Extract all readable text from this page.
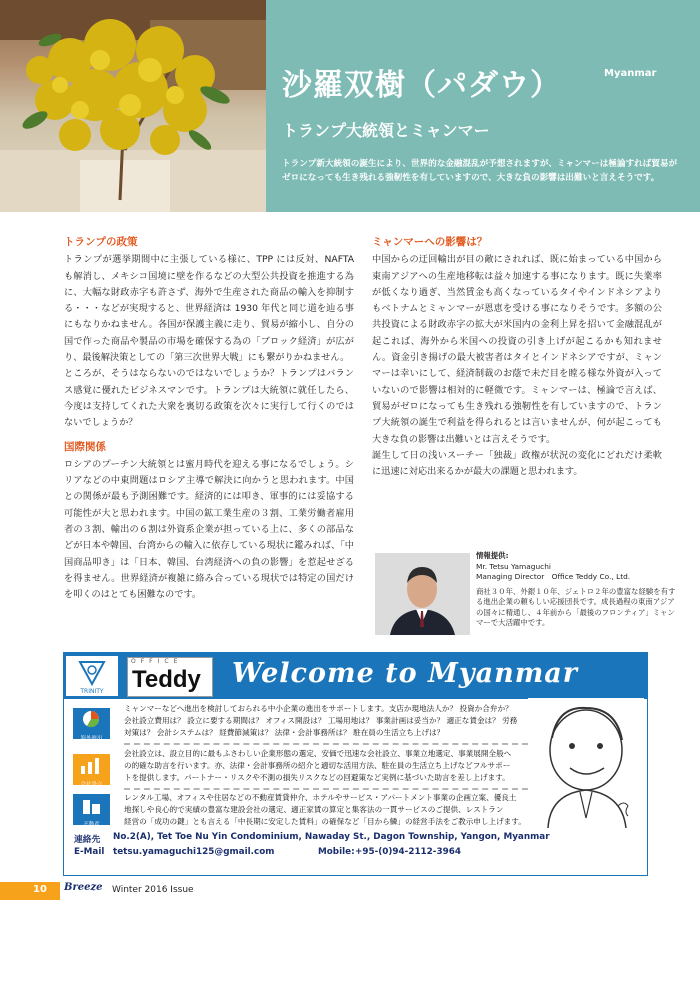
沙羅双樹（パダウ）	Myanmar
トランプ大統領とミャンマー
トランプ新大統領の誕生により、世界的な金融混乱が予想されますが、ミャンマーは極論すれば貿易がゼロになっても生き残れる強靭性を有していますので、大きな負の影響は出難いと言えそうです。
トランプの政策

トランプが選挙期間中に主張している様に、TPP には反対、NAFTA も解消し、メキシコ国境に壁を作るなどの大型公共投資を推進する為に、大幅な財政赤字も許さず、海外で生産された商品の輸入を抑制する・・・などが実現すると、世界経済は 1930 年代と同じ道を辿る事にもなりかねません。各国が保護主義に走り、貿易が縮小し、自分の国で作った商品や製品の市場を確保する為の「ブロック経済」が広がり、最後解決策としての「第三次世界大戦」にも繋がりかねません。

ところが、そうはならないのではないでしょうか？トランプはバランス感覚に優れたビジネスマンです。トランプは大統領に就任したら、今度は支持してくれた大衆を裏切る政策を次々に実行して行くのではないでしょうか？

国際関係

ロシアのプーチン大統領とは蜜月時代を迎える事になるでしょう。シリアなどの中東問題はロシア主導で解決に向かうと思われます。中国との関係が最も予測困難です。経済的には叩き、軍事的には妥協する可能性が大と思われます。中国の鉱工業生産の３割、工業労働者雇用者の３割、輸出の６割は外資系企業が担っている上に、多くの部品などが日本や韓国、台湾からの輸入に依存している現状に鑑みれば、「中国商品叩き」は「日本、韓国、台湾経済への負の影響」を惹起せざるを得ません。世界経済が複雑に絡み合っている現状では特定の国だけを叩くのはとても困難なのです。

ミャンマーへの影響は？

中国からの迂回輸出が目の敵にされれば、既に始まっている中国から東南アジアへの生産地移転は益々加速する事になります。既に失業率が低くなり過ぎ、当然賃金も高くなっているタイやインドネシアよりもベトナムとミャンマーが恩恵を受ける事になりそうです。多額の公共投資による財政赤字の拡大が米国内の金利上昇を招いて金融混乱が起これば、海外から米国への投資の引き上げが起こるかも知れません。資金引き揚げの最大被害者はタイとインドネシアですが、ミャンマーは幸いにして、経済制裁のお蔭で未だ目を瞠る様な外資が入っていないので影響は相対的に軽微です。ミャンマーは、極論で言えば、貿易がゼロになっても生き残れる強靭性を有していますので、トランプ大統領の誕生で利益を得られるとは言いませんが、何が起こっても大きな負の影響は出難いとは言えそうです。

誕生して日の浅いスーチー「独裁」政権が状況の変化にどれだけ柔軟に迅速に対応出来るかが最大の課題と思われます。

情報提供:
Mr. Tetsu Yamaguchi
Managing Director　Office Teddy Co., Ltd.
商社３０年、外銀１０年、ジェトロ２年の豊富な経験を有する進出企業の頼もしい応援団長です。成長過程の東南アジアの国々に精通し、４年前から「最後のフロンティア」ミャンマーで大活躍中です。
TRINITY
OFFICE
Teddy Welcome to Myanmar
海外進出
会社設立
不動産
ミャンマーなどへ進出を検討しておられる中小企業の進出をサポートします。支店か現地法人か？ 投資か合弁か？
会社設立費用は？ 設立に要する期間は？ オフィス開設は？ 工場用地は？ 事業計画は妥当か？ 適正な賃金は？ 労務
対策は？ 会計システムは？ 経費節減策は？ 法律・会計事務所は？ 駐在員の生活立ち上げは？
会社設立は、設立目的に最もふさわしい企業形態の選定、安価で迅速な会社設立、事業立地選定、事業展開全般へ
の的確な助言を行います。亦、法律・会計事務所の紹介と適切な活用方法、駐在員の生活立ち上げなどフルサポー
トを提供します。パートナー・リスクや不測の損失リスクなどの回避策など実例に基づいた助言を差し上げます。
レンタル工場、オフィスや住居などの不動産賃貸仲介、ホテルやサービス・アパートメント事業の企画立案、優良土
地探しや良心的で実績の豊富な建設会社の選定、適正家賃の算定と集客法の一貫サービスのご提供、レストラン
経営の「成功の鍵」とも言える「中長期に安定した賃料」の確保など「目から鱗」の経営手法をご教示申し上げます。
連絡先 No.2(A), Tet Toe Nu Yin Condominium, Nawaday St., Dagon Township, Yangon, Myanmar
E-Mail tetsu.yamaguchi125@gmail.com	Mobile: +95-(0)94-2112-3964
10 Breeze Winter 2016 Issue
